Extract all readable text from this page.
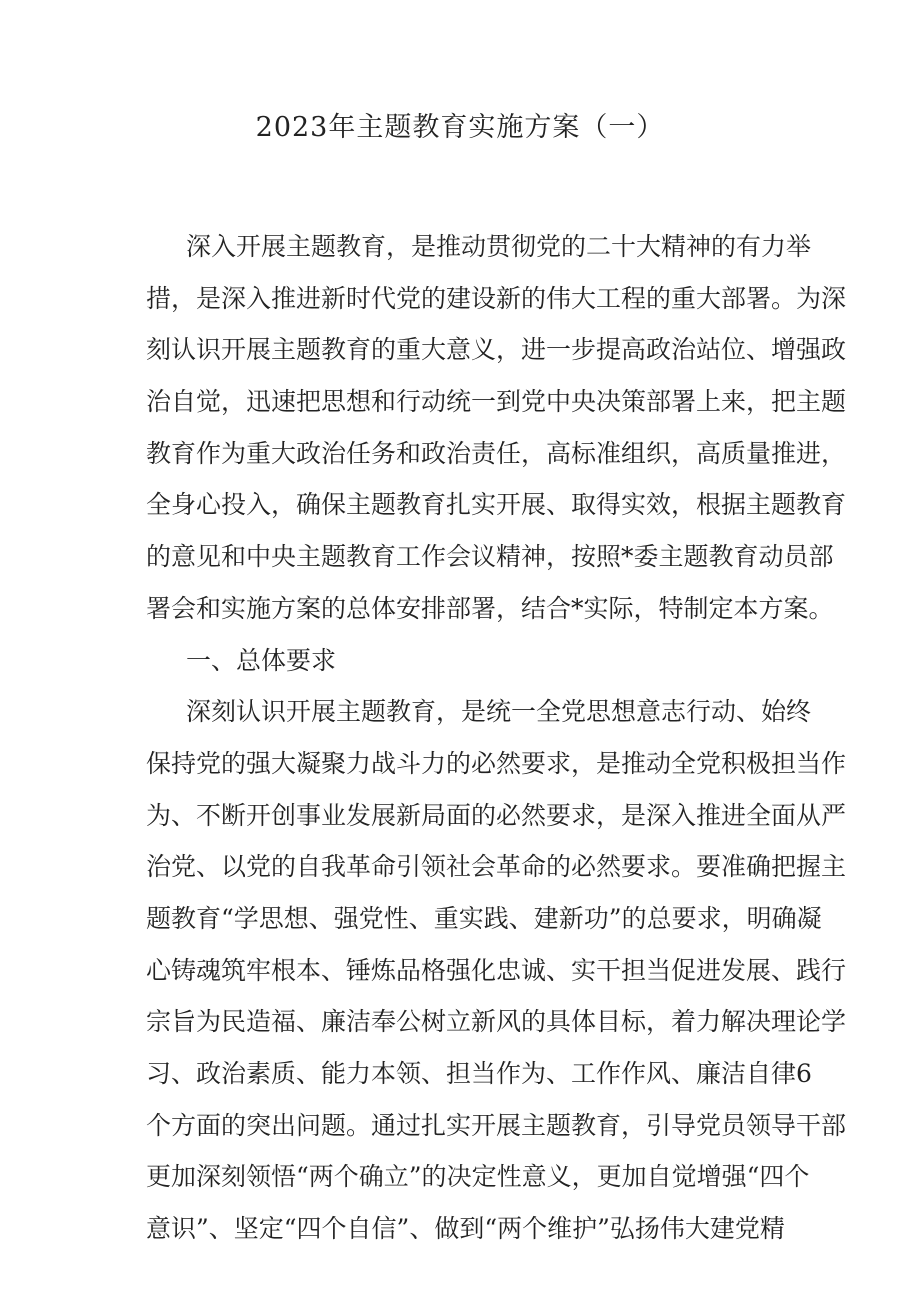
2023年主题教育实施方案（一）
深入开展主题教育，是推动贯彻党的二十大精神的有力举
措，是深入推进新时代党的建设新的伟大工程的重大部署。为深
刻认识开展主题教育的重大意义，进一步提高政治站位、增强政
治自觉，迅速把思想和行动统一到党中央决策部署上来，把主题
教育作为重大政治任务和政治责任，高标准组织，高质量推进，
全身心投入，确保主题教育扎实开展、取得实效，根据主题教育
的意见和中央主题教育工作会议精神，按照*委主题教育动员部
署会和实施方案的总体安排部署，结合*实际，特制定本方案。
一、总体要求
深刻认识开展主题教育，是统一全党思想意志行动、始终
保持党的强大凝聚力战斗力的必然要求，是推动全党积极担当作
为、不断开创事业发展新局面的必然要求，是深入推进全面从严
治党、以党的自我革命引领社会革命的必然要求。要准确把握主
题教育“学思想、强党性、重实践、建新功”的总要求，明确凝
心铸魂筑牢根本、锤炼品格强化忠诚、实干担当促进发展、践行
宗旨为民造福、廉洁奉公树立新风的具体目标，着力解决理论学
习、政治素质、能力本领、担当作为、工作作风、廉洁自律6
个方面的突出问题。通过扎实开展主题教育，引导党员领导干部
更加深刻领悟“两个确立”的决定性意义，更加自觉增强“四个
意识”、坚定“四个自信”、做到“两个维护”弘扬伟大建党精
